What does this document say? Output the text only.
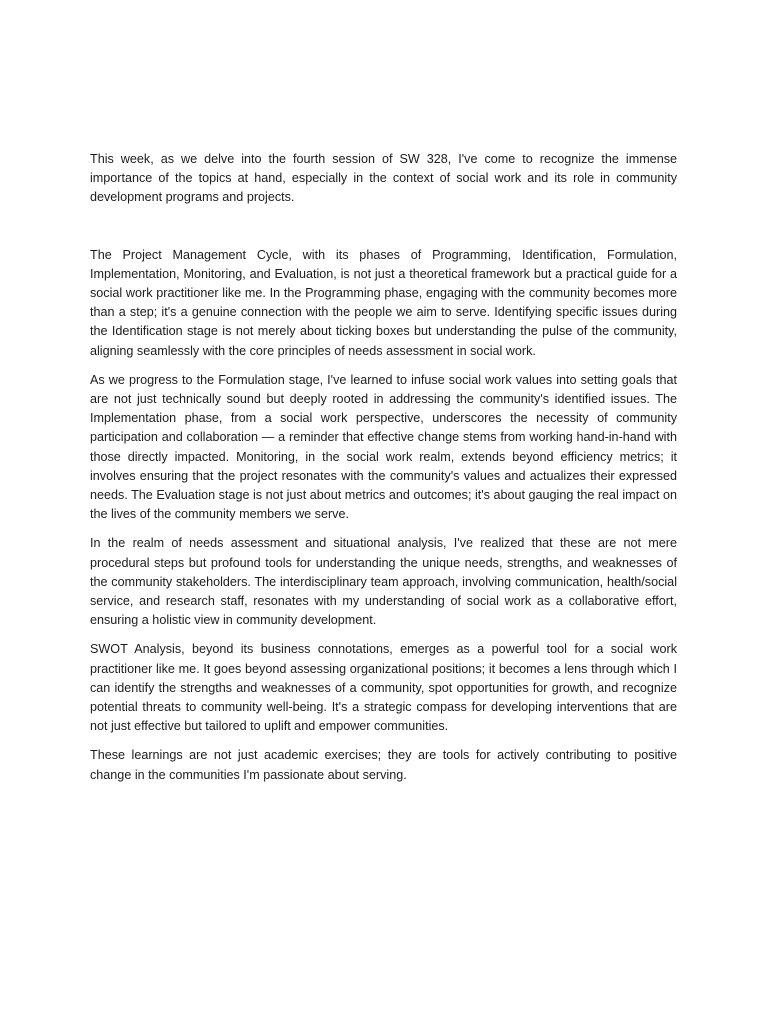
This week, as we delve into the fourth session of SW 328, I've come to recognize the immense importance of the topics at hand, especially in the context of social work and its role in community development programs and projects.

The Project Management Cycle, with its phases of Programming, Identification, Formulation, Implementation, Monitoring, and Evaluation, is not just a theoretical framework but a practical guide for a social work practitioner like me. In the Programming phase, engaging with the community becomes more than a step; it's a genuine connection with the people we aim to serve. Identifying specific issues during the Identification stage is not merely about ticking boxes but understanding the pulse of the community, aligning seamlessly with the core principles of needs assessment in social work.

As we progress to the Formulation stage, I've learned to infuse social work values into setting goals that are not just technically sound but deeply rooted in addressing the community's identified issues. The Implementation phase, from a social work perspective, underscores the necessity of community participation and collaboration — a reminder that effective change stems from working hand-in-hand with those directly impacted. Monitoring, in the social work realm, extends beyond efficiency metrics; it involves ensuring that the project resonates with the community's values and actualizes their expressed needs. The Evaluation stage is not just about metrics and outcomes; it's about gauging the real impact on the lives of the community members we serve.

In the realm of needs assessment and situational analysis, I've realized that these are not mere procedural steps but profound tools for understanding the unique needs, strengths, and weaknesses of the community stakeholders. The interdisciplinary team approach, involving communication, health/social service, and research staff, resonates with my understanding of social work as a collaborative effort, ensuring a holistic view in community development.

SWOT Analysis, beyond its business connotations, emerges as a powerful tool for a social work practitioner like me. It goes beyond assessing organizational positions; it becomes a lens through which I can identify the strengths and weaknesses of a community, spot opportunities for growth, and recognize potential threats to community well-being. It's a strategic compass for developing interventions that are not just effective but tailored to uplift and empower communities.

These learnings are not just academic exercises; they are tools for actively contributing to positive change in the communities I'm passionate about serving.
